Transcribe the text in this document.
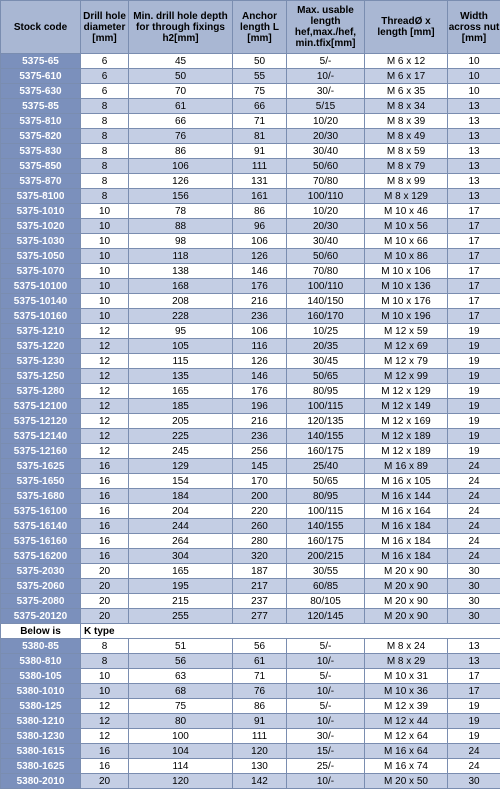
Stock code	Drill hole diameter [mm]	Min. drill hole depth for through fixings h2[mm]	Anchor length L [mm]	Max. usable length hef,max./hef, min.tfix[mm]	ThreadØ x length [mm]	Width across nut [mm]
5375-65	6	45	50	5/-	M 6 x 12	10
5375-610	6	50	55	10/-	M 6 x 17	10
5375-630	6	70	75	30/-	M 6 x 35	10
5375-85	8	61	66	5/15	M 8 x 34	13
5375-810	8	66	71	10/20	M 8 x 39	13
5375-820	8	76	81	20/30	M 8 x 49	13
5375-830	8	86	91	30/40	M 8 x 59	13
5375-850	8	106	111	50/60	M 8 x 79	13
5375-870	8	126	131	70/80	M 8 x 99	13
5375-8100	8	156	161	100/110	M 8 x 129	13
5375-1010	10	78	86	10/20	M 10 x 46	17
5375-1020	10	88	96	20/30	M 10 x 56	17
5375-1030	10	98	106	30/40	M 10 x 66	17
5375-1050	10	118	126	50/60	M 10 x 86	17
5375-1070	10	138	146	70/80	M 10 x 106	17
5375-10100	10	168	176	100/110	M 10 x 136	17
5375-10140	10	208	216	140/150	M 10 x 176	17
5375-10160	10	228	236	160/170	M 10 x 196	17
5375-1210	12	95	106	10/25	M 12 x 59	19
5375-1220	12	105	116	20/35	M 12 x 69	19
5375-1230	12	115	126	30/45	M 12 x 79	19
5375-1250	12	135	146	50/65	M 12 x 99	19
5375-1280	12	165	176	80/95	M 12 x 129	19
5375-12100	12	185	196	100/115	M 12 x 149	19
5375-12120	12	205	216	120/135	M 12 x 169	19
5375-12140	12	225	236	140/155	M 12 x 189	19
5375-12160	12	245	256	160/175	M 12 x 189	19
5375-1625	16	129	145	25/40	M 16 x 89	24
5375-1650	16	154	170	50/65	M 16 x 105	24
5375-1680	16	184	200	80/95	M 16 x 144	24
5375-16100	16	204	220	100/115	M 16 x 164	24
5375-16140	16	244	260	140/155	M 16 x 184	24
5375-16160	16	264	280	160/175	M 16 x 184	24
5375-16200	16	304	320	200/215	M 16 x 184	24
5375-2030	20	165	187	30/55	M 20 x 90	30
5375-2060	20	195	217	60/85	M 20 x 90	30
5375-2080	20	215	237	80/105	M 20 x 90	30
5375-20120	20	255	277	120/145	M 20 x 90	30
Below is	K type					
5380-85	8	51	56	5/-	M 8 x 24	13
5380-810	8	56	61	10/-	M 8 x 29	13
5380-105	10	63	71	5/-	M 10 x 31	17
5380-1010	10	68	76	10/-	M 10 x 36	17
5380-125	12	75	86	5/-	M 12 x 39	19
5380-1210	12	80	91	10/-	M 12 x 44	19
5380-1230	12	100	111	30/-	M 12 x 64	19
5380-1615	16	104	120	15/-	M 16 x 64	24
5380-1625	16	114	130	25/-	M 16 x 74	24
5380-2010	20	120	142	10/-	M 20 x 50	30
